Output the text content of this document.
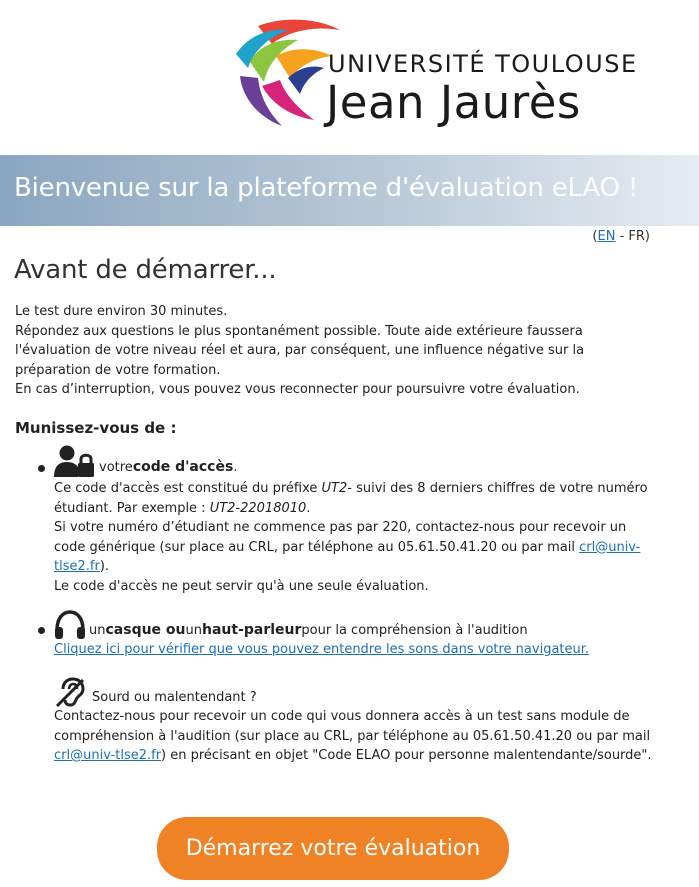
UNIVERSITÉ TOULOUSE
Jean Jaurès
Bienvenue sur la plateforme d'évaluation eLAO !
(EN - FR)
Avant de démarrer...

Le test dure environ 30 minutes.

Répondez aux questions le plus spontanément possible. Toute aide extérieure faussera l'évaluation de votre niveau réel et aura, par conséquent, une influence négative sur la préparation de votre formation.

En cas d’interruption, vous pouvez vous reconnecter pour poursuivre votre évaluation.

Munissez-vous de :
votre code d'accès .

Ce code d'accès est constitué du préfixe UT2- suivi des 8 derniers chiffres de votre numéro étudiant. Par exemple : UT2-22018010.

Si votre numéro d’étudiant ne commence pas par 220, contactez-nous pour recevoir un code générique (sur place au CRL, par téléphone au 05.61.50.41.20 ou par mail crl@univ-tlse2.fr).

Le code d'accès ne peut servir qu'à une seule évaluation.

un casque ou un haut-parleur pour la compréhension à l'audition

Cliquez ici pour vérifier que vous pouvez entendre les sons dans votre navigateur.

Sourd ou malentendant ?

Contactez-nous pour recevoir un code qui vous donnera accès à un test sans module de compréhension à l'audition (sur place au CRL, par téléphone au 05.61.50.41.20 ou par mail crl@univ-tlse2.fr) en précisant en objet "Code ELAO pour personne malentendante/sourde".

Démarrez votre évaluation
